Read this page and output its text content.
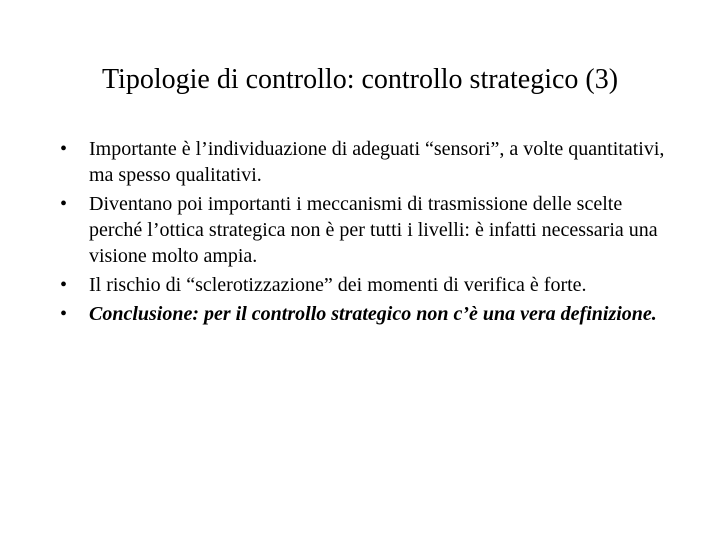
Tipologie di controllo: controllo strategico (3)
• Importante è l’individuazione di adeguati “sensori”, a volte quantitativi, ma spesso qualitativi.
• Diventano poi importanti i meccanismi di trasmissione delle scelte perché l’ottica strategica non è per tutti i livelli: è infatti necessaria una visione molto ampia.
• Il rischio di “sclerotizzazione” dei momenti di verifica è forte.
• Conclusione: per il controllo strategico non c’è una vera definizione.
